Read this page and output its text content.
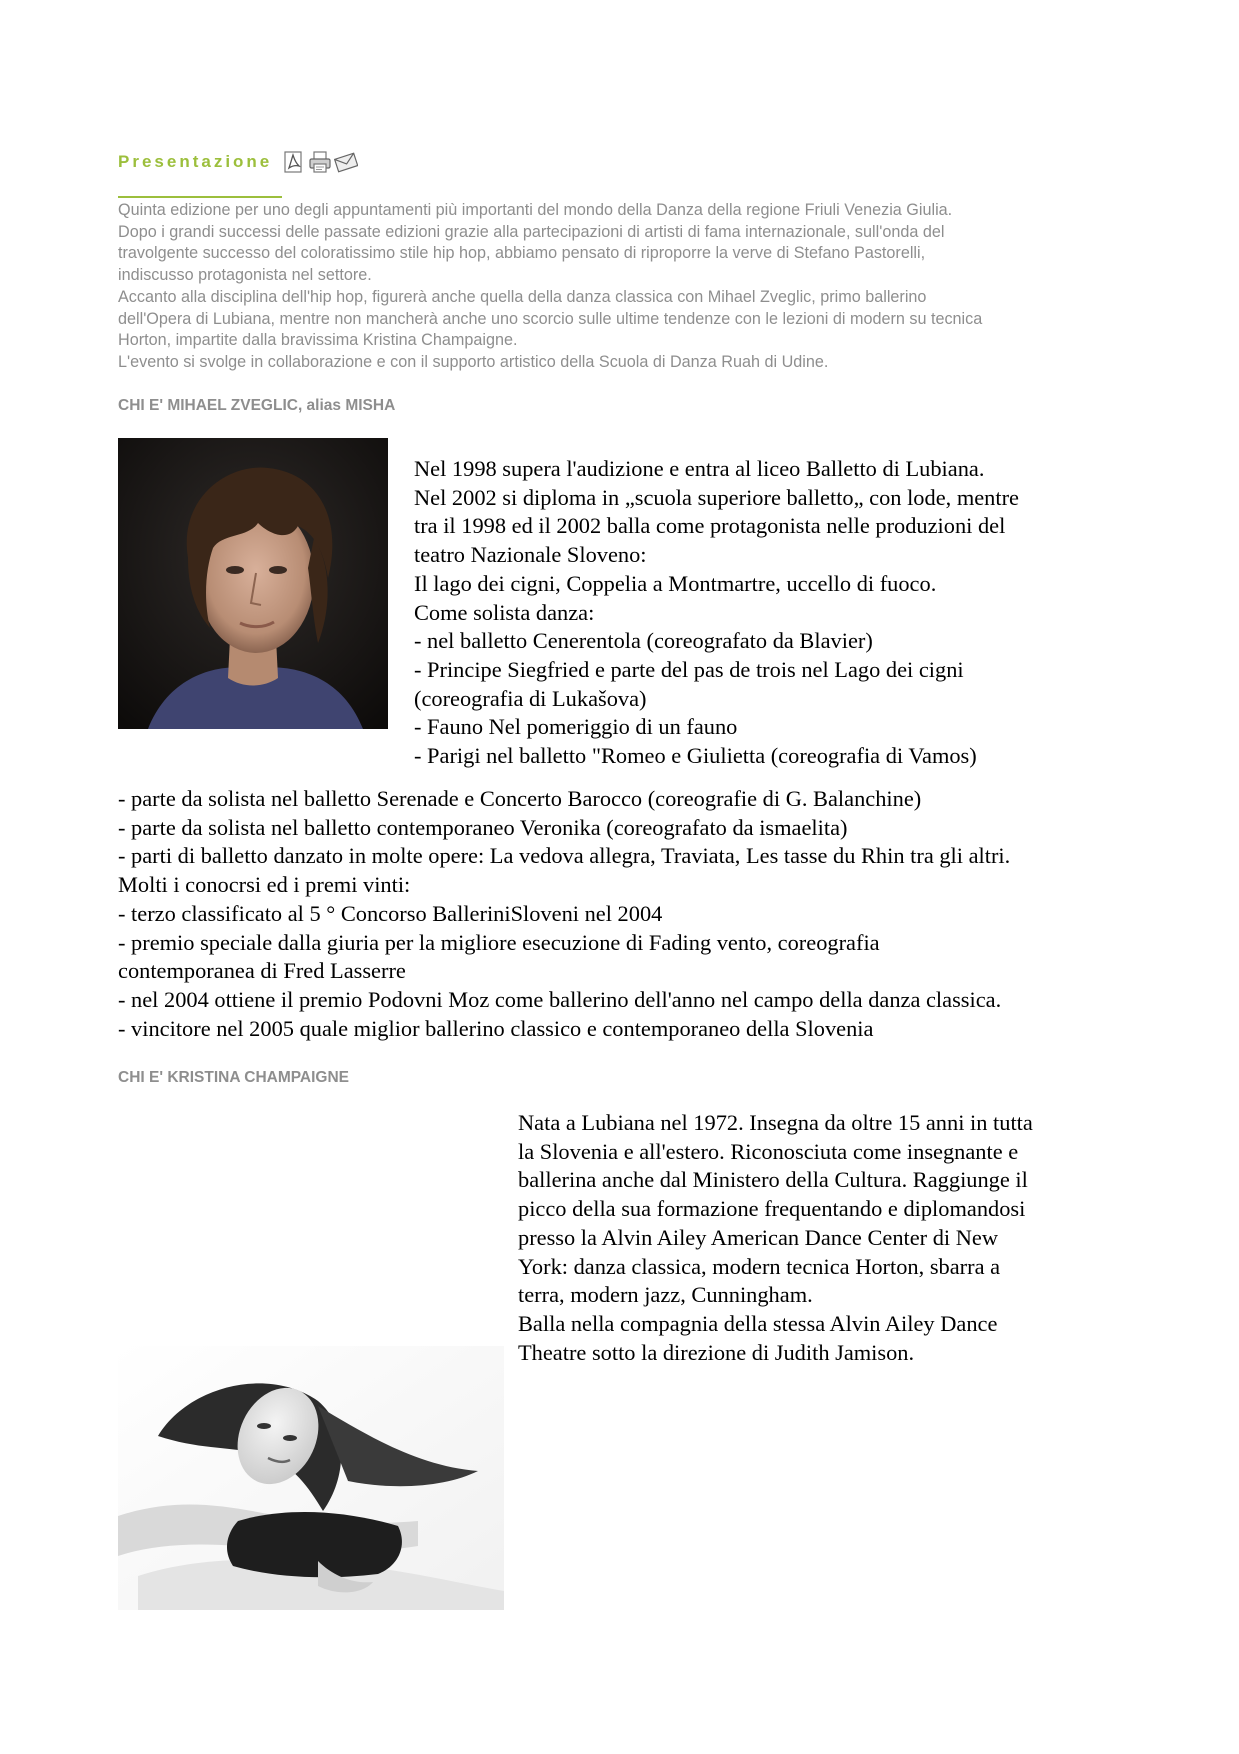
Presentazione

Quinta edizione per uno degli appuntamenti più importanti del mondo della Danza della regione Friuli Venezia Giulia.

Dopo i grandi successi delle passate edizioni grazie alla partecipazioni di artisti di fama internazionale, sull'onda del

travolgente successo del coloratissimo stile hip hop, abbiamo pensato di riproporre la verve di Stefano Pastorelli,

indiscusso protagonista nel settore.

Accanto alla disciplina dell'hip hop, figurerà anche quella della danza classica con Mihael Zveglic, primo ballerino

dell'Opera di Lubiana, mentre non mancherà anche uno scorcio sulle ultime tendenze con le lezioni di modern su tecnica

Horton, impartite dalla bravissima Kristina Champaigne.

L'evento si svolge in collaborazione e con il supporto artistico della Scuola di Danza Ruah di Udine.

CHI E' MIHAEL ZVEGLIC, alias MISHA

Nel 1998 supera l'audizione e entra al liceo Balletto di Lubiana.

Nel 2002 si diploma in „scuola superiore balletto„ con lode, mentre

tra il 1998 ed il 2002 balla come protagonista nelle produzioni del

teatro Nazionale Sloveno:

Il lago dei cigni, Coppelia a Montmartre, uccello di fuoco.

Come solista danza:

- nel balletto Cenerentola (coreografato da Blavier)

- Principe Siegfried e parte del pas de trois nel Lago dei cigni

(coreografia di Lukašova)

- Fauno Nel pomeriggio di un fauno

- Parigi nel balletto "Romeo e Giulietta (coreografia di Vamos)

- parte da solista nel balletto Serenade e Concerto Barocco (coreografie di G. Balanchine)

- parte da solista nel balletto contemporaneo Veronika (coreografato da ismaelita)

- parti di balletto danzato in molte opere: La vedova allegra, Traviata, Les tasse du Rhin tra gli altri.

Molti i conocrsi ed i premi vinti:

- terzo classificato al 5 ° Concorso BalleriniSloveni nel 2004

- premio speciale dalla giuria per la migliore esecuzione di Fading vento, coreografia

contemporanea di Fred Lasserre

- nel 2004 ottiene il premio Podovni Moz come ballerino dell'anno nel campo della danza classica.

- vincitore nel 2005 quale miglior ballerino classico e contemporaneo della Slovenia

CHI E' KRISTINA CHAMPAIGNE

Nata a Lubiana nel 1972. Insegna da oltre 15 anni in tutta

la Slovenia e all'estero. Riconosciuta come insegnante e

ballerina anche dal Ministero della Cultura. Raggiunge il

picco della sua formazione frequentando e diplomandosi

presso la Alvin Ailey American Dance Center di New

York: danza classica, modern tecnica Horton, sbarra a

terra, modern jazz, Cunningham.

Balla nella compagnia della stessa Alvin Ailey Dance

Theatre sotto la direzione di Judith Jamison.
